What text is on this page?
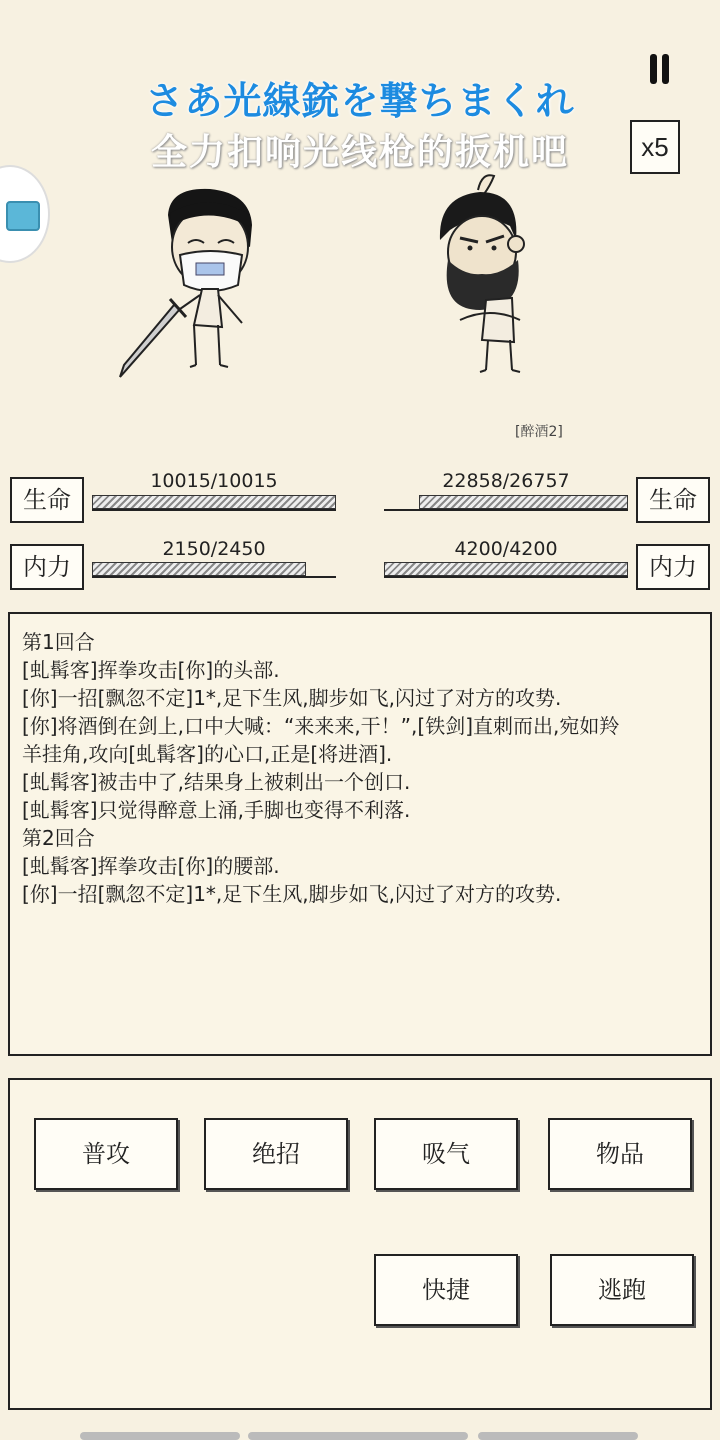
さあ光線銃を撃ちまくれ
全力扣响光线枪的扳机吧	x5
[醉酒2]
生命
10015/10015
内力
2150/2450
生命
22858/26757
内力
4200/4200
第1回合
[虬髯客]挥拳攻击[你]的头部.
[你]一招[飘忽不定]1*,足下生风,脚步如飞,闪过了对方的攻势.
[你]将酒倒在剑上,口中大喊：“来来来,干！”,[铁剑]直刺而出,宛如羚
羊挂角,攻向[虬髯客]的心口,正是[将进酒].
[虬髯客]被击中了,结果身上被刺出一个创口.
[虬髯客]只觉得醉意上涌,手脚也变得不利落.
第2回合
[虬髯客]挥拳攻击[你]的腰部.
[你]一招[飘忽不定]1*,足下生风,脚步如飞,闪过了对方的攻势.
普攻	绝招	吸气	物品
快捷	逃跑
